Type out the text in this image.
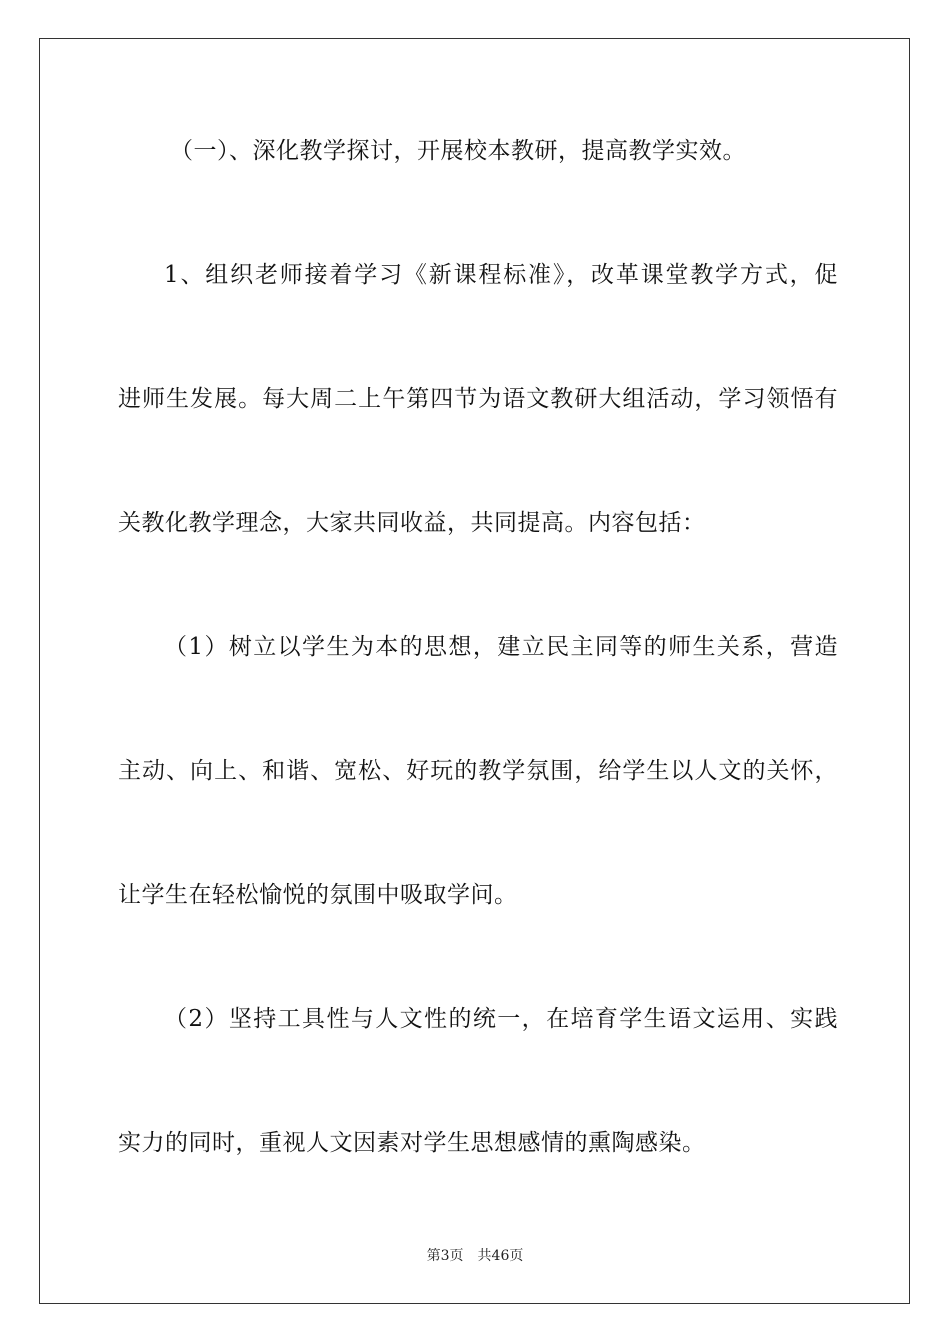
（一）、深化教学探讨，开展校本教研，提高教学实效。
1、组织老师接着学习《新课程标准》，改革课堂教学方式，促
进师生发展。每大周二上午第四节为语文教研大组活动，学习领悟有
关教化教学理念，大家共同收益，共同提高。内容包括：
（1）树立以学生为本的思想，建立民主同等的师生关系，营造
主动、向上、和谐、宽松、好玩的教学氛围，给学生以人文的关怀，
让学生在轻松愉悦的氛围中吸取学问。
（2）坚持工具性与人文性的统一，在培育学生语文运用、实践
实力的同时，重视人文因素对学生思想感情的熏陶感染。
第3页 共46页
